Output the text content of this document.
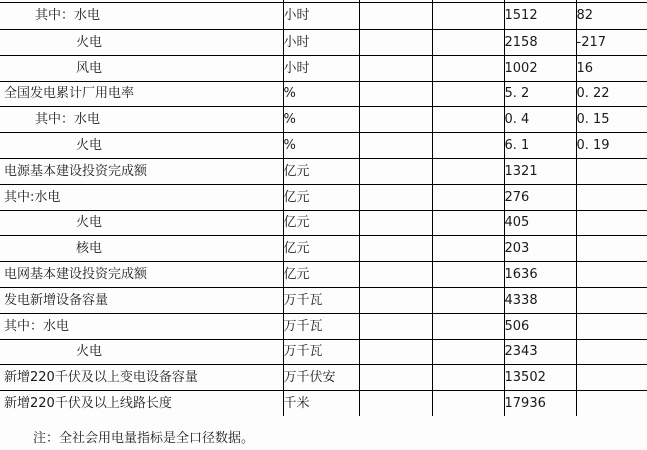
其中：水电	小时			1512	82
火电	小时			2158	-217
风电	小时			1002	16
全国发电累计厂用电率	%			5. 2	0. 22
其中：水电	%			0. 4	0. 15
火电	%			6. 1	0. 19
电源基本建设投资完成额	亿元			1321	
其中:水电	亿元			276	
火电	亿元			405	
核电	亿元			203	
电网基本建设投资完成额	亿元			1636	
发电新增设备容量	万千瓦			4338	
其中：水电	万千瓦			506	
火电	万千瓦			2343	
新增220千伏及以上变电设备容量	万千伏安			13502	
新增220千伏及以上线路长度	千米			17936	
注：全社会用电量指标是全口径数据。
